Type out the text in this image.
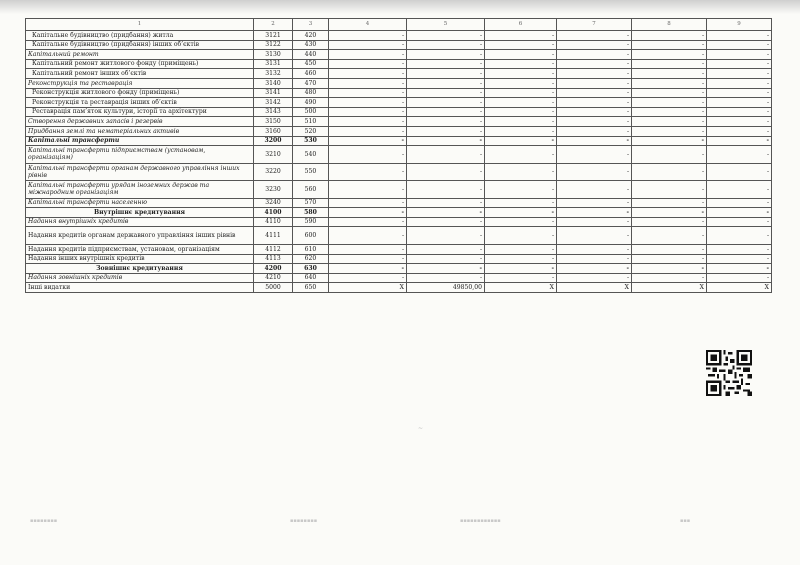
1	2	3	4	5	6	7	8	9
Капітальне будівництво (придбання) житла	3121	420	-	-	-	-	-	-
Капітальне будівництво (придбання) інших об’єктів	3122	430	-	-	-	-	-	-
Капітальний ремонт	3130	440	-	-	-	-	-	-
Капітальний ремонт житлового фонду (приміщень)	3131	450	-	-	-	-	-	-
Капітальний ремонт інших об’єктів	3132	460	-	-	-	-	-	-
Реконструкція та реставрація	3140	470	-	-	-	-	-	-
Реконструкція житлового фонду (приміщень)	3141	480	-	-	-	-	-	-
Реконструкція та реставрація інших об’єктів	3142	490	-	-	-	-	-	-
Реставрація пам’яток культури, історії та архітектури	3143	500	-	-	-	-	-	-
Створення державних запасів і резервів	3150	510	-	-	-	-	-	-
Придбання землі та нематеріальних активів	3160	520	-	-	-	-	-	-
Капітальні трансферти	3200	530	-	-	-	-	-	-
Капітальні трансферти підприємствам (установам, організаціям)	3210	540	-	-	-	-	-	-
Капітальні трансферти органам державного управління інших рівнів	3220	550	-	-	-	-	-	-
Капітальні трансферти урядам іноземних держав та міжнародним організаціям	3230	560	-	-	-	-	-	-
Капітальні трансферти населенню	3240	570	-	-	-	-	-	-
Внутрішнє кредитування	4100	580	-	-	-	-	-	-
Надання внутрішніх кредитів	4110	590	-	-	-	-	-	-
Надання кредитів органам державного управління інших рівнів	4111	600	-	-	-	-	-	-
Надання кредитів підприємствам, установам, організаціям	4112	610	-	-	-	-	-	-
Надання інших внутрішніх кредитів	4113	620	-	-	-	-	-	-
Зовнішнє кредитування	4200	630	-	-	-	-	-	-
Надання зовнішніх кредитів	4210	640	-	-	-	-	-	-
Інші видатки	5000	650	X	49850,00	X	X	X	X
~
▪▪▪▪▪▪▪▪	▪▪▪▪▪▪▪▪	▪▪▪▪▪▪▪▪▪▪▪▪	▪▪▪
